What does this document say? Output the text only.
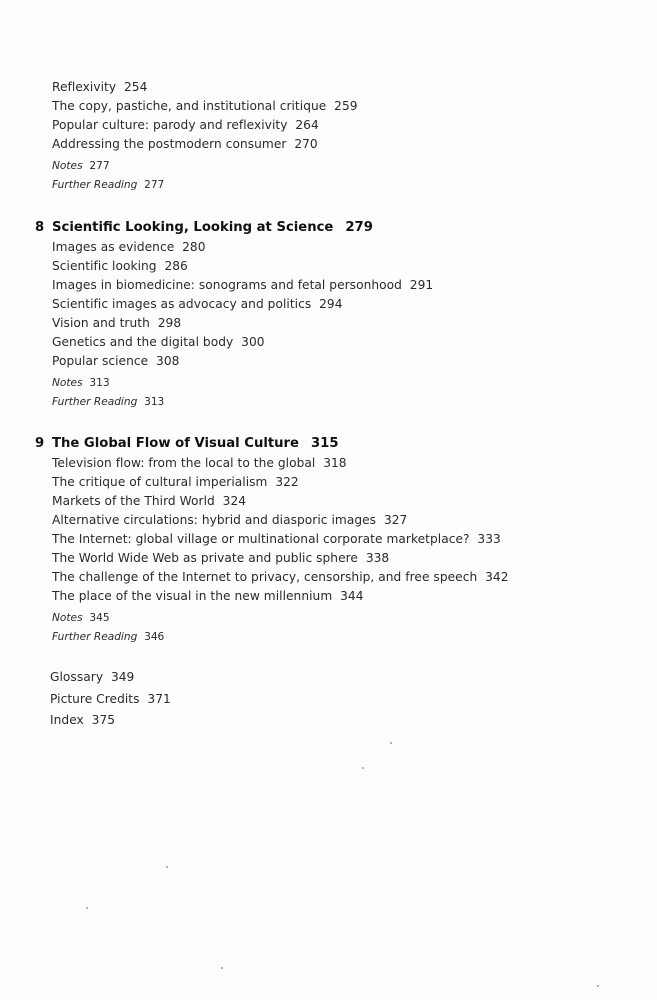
Reflexivity 254
The copy, pastiche, and institutional critique 259
Popular culture: parody and reflexivity 264
Addressing the postmodern consumer 270
Notes 277
Further Reading 277
8 Scientific Looking, Looking at Science 279
Images as evidence 280
Scientific looking 286
Images in biomedicine: sonograms and fetal personhood 291
Scientific images as advocacy and politics 294
Vision and truth 298
Genetics and the digital body 300
Popular science 308
Notes 313
Further Reading 313
9 The Global Flow of Visual Culture 315
Television flow: from the local to the global 318
The critique of cultural imperialism 322
Markets of the Third World 324
Alternative circulations: hybrid and diasporic images 327
The Internet: global village or multinational corporate marketplace? 333
The World Wide Web as private and public sphere 338
The challenge of the Internet to privacy, censorship, and free speech 342
The place of the visual in the new millennium 344
Notes 345
Further Reading 346
Glossary 349
Picture Credits 371
Index 375
